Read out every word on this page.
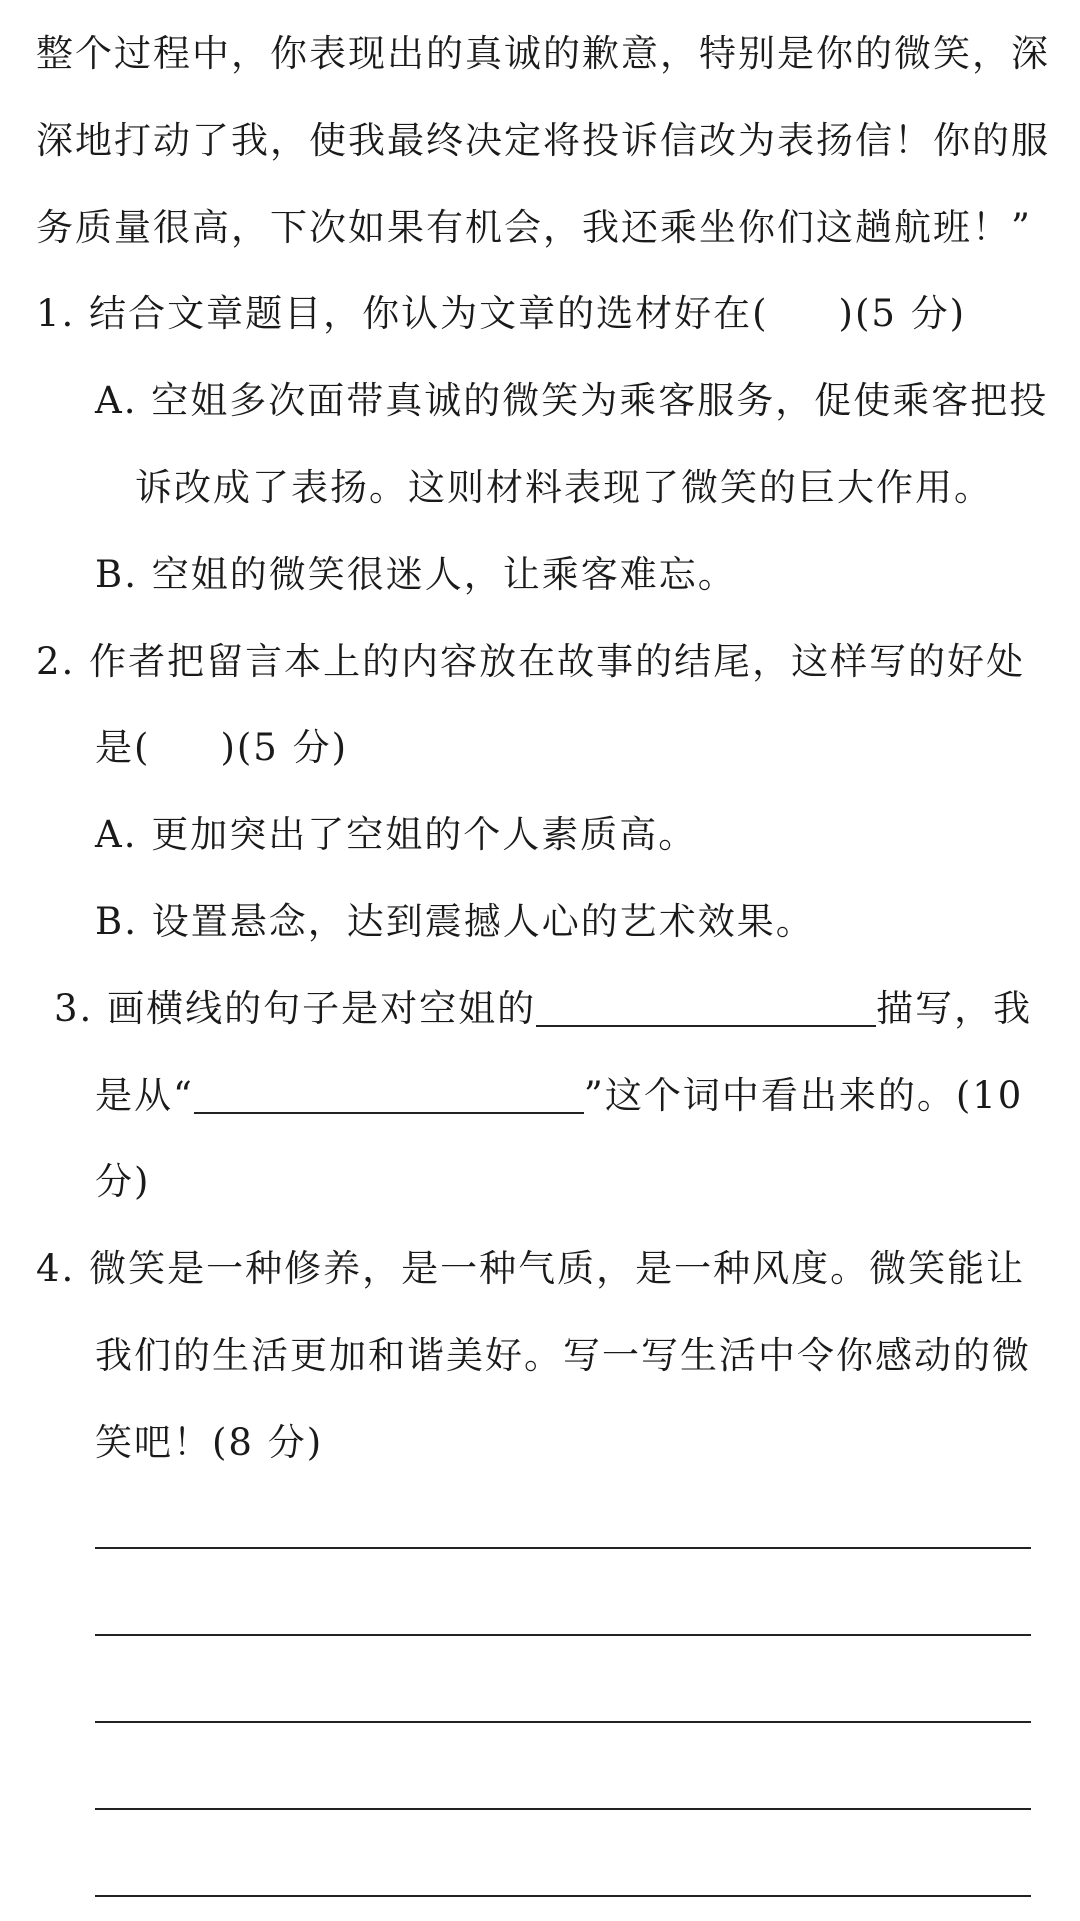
整个过程中，你表现出的真诚的歉意，特别是你的微笑，深
深地打动了我，使我最终决定将投诉信改为表扬信！你的服
务质量很高，下次如果有机会，我还乘坐你们这趟航班！”
1. 结合文章题目，你认为文章的选材好在( )(5 分)
A. 空姐多次面带真诚的微笑为乘客服务，促使乘客把投
诉改成了表扬。这则材料表现了微笑的巨大作用。
B. 空姐的微笑很迷人，让乘客难忘。
2. 作者把留言本上的内容放在故事的结尾，这样写的好处
是( )(5 分)
A. 更加突出了空姐的个人素质高。
B. 设置悬念，达到震撼人心的艺术效果。
3. 画横线的句子是对空姐的	描写，我
是从“	”这个词中看出来的。(10
分)
4. 微笑是一种修养，是一种气质，是一种风度。微笑能让
我们的生活更加和谐美好。写一写生活中令你感动的微
笑吧！(8 分)
